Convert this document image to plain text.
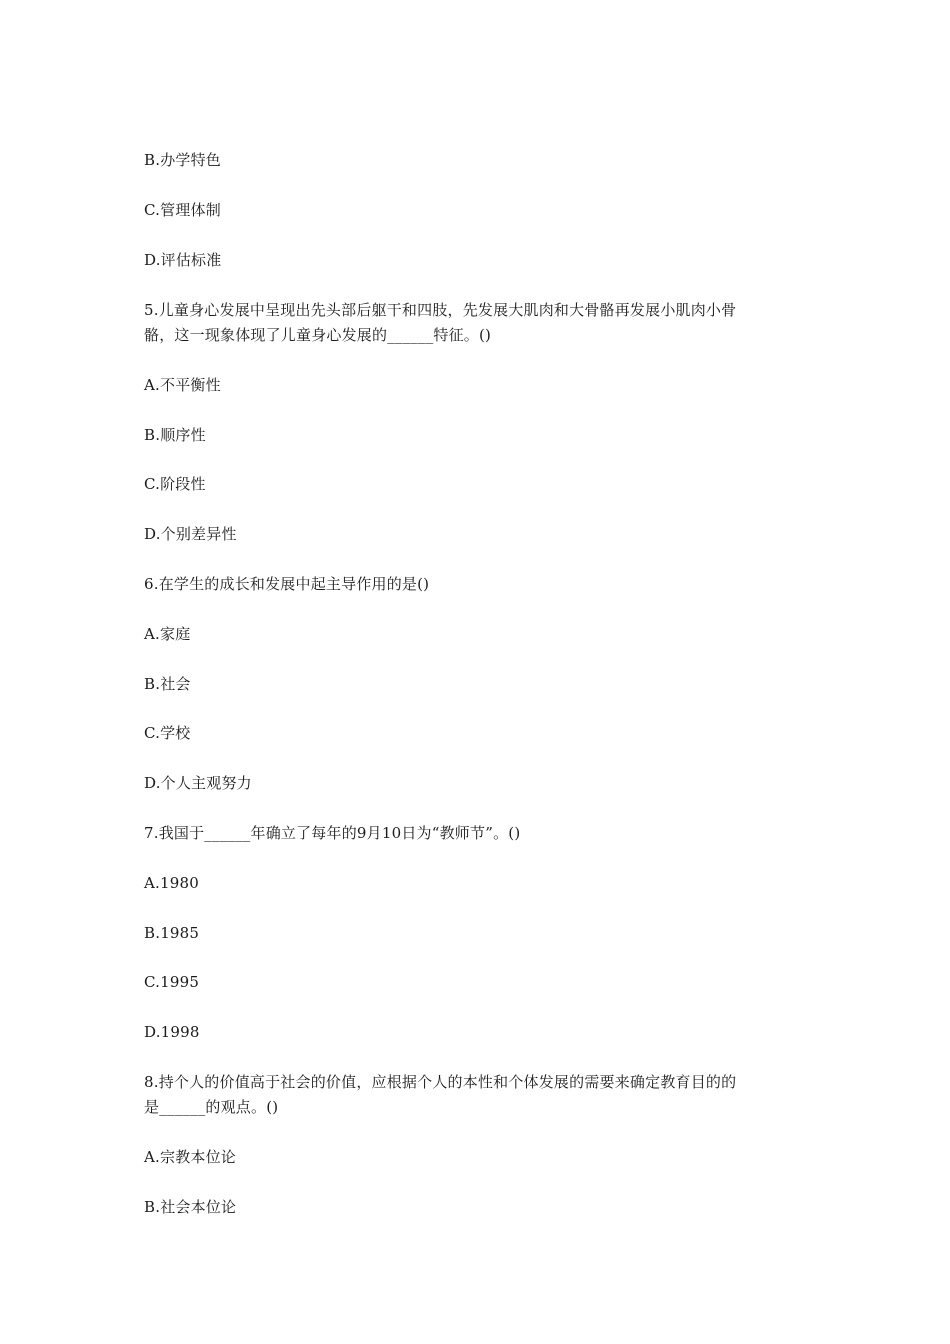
B.办学特色
C.管理体制
D.评估标准
5.儿童身心发展中呈现出先头部后躯干和四肢，先发展大肌肉和大骨骼再发展小肌肉小骨
骼，这一现象体现了儿童身心发展的______特征。()
A.不平衡性
B.顺序性
C.阶段性
D.个别差异性
6.在学生的成长和发展中起主导作用的是()
A.家庭
B.社会
C.学校
D.个人主观努力
7.我国于______年确立了每年的9月10日为“教师节”。()
A.1980
B.1985
C.1995
D.1998
8.持个人的价值高于社会的价值，应根据个人的本性和个体发展的需要来确定教育目的的
是______的观点。()
A.宗教本位论
B.社会本位论
